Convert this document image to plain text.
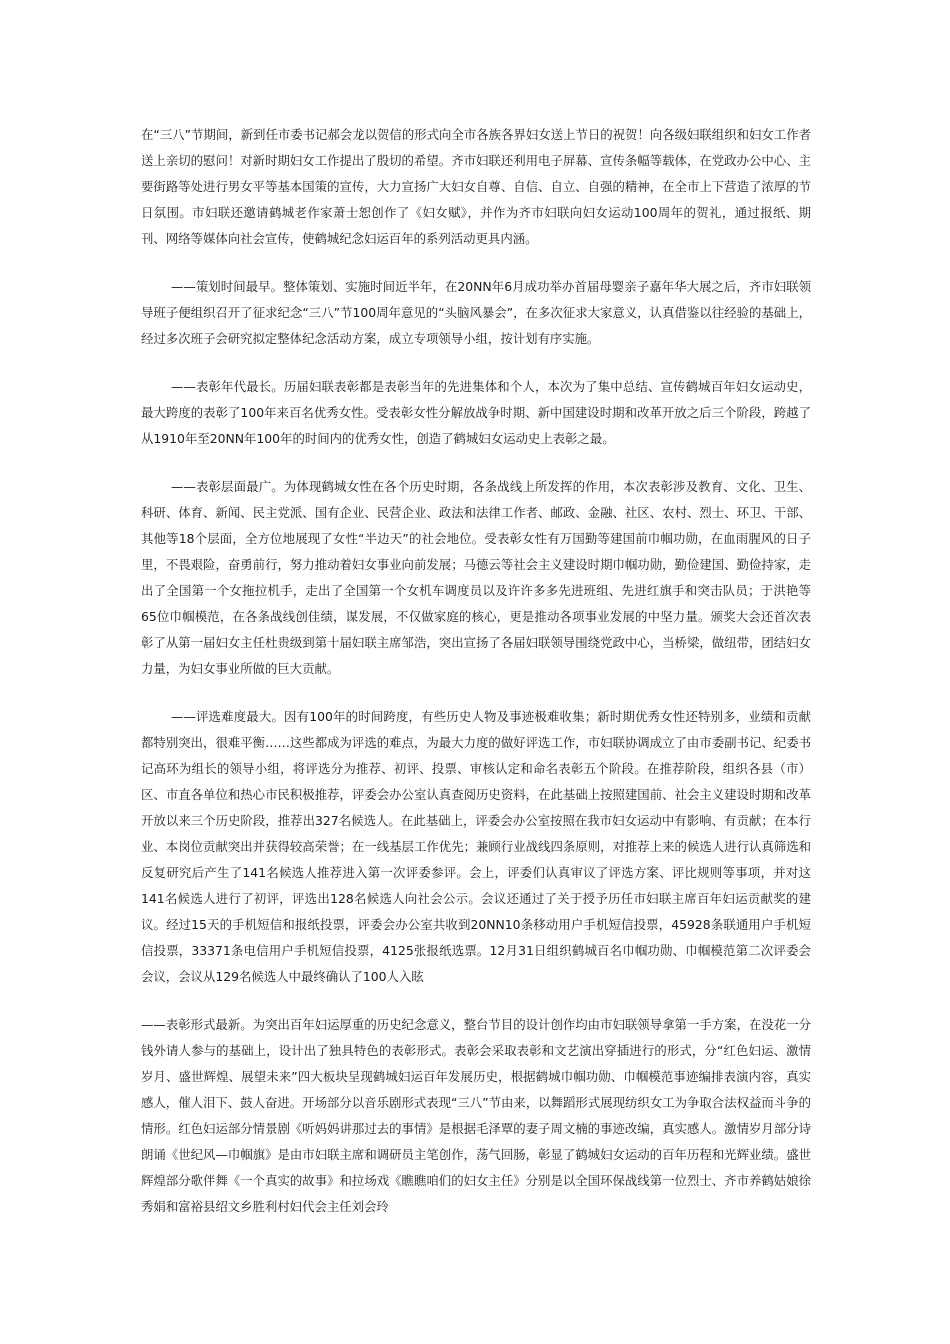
在“三八”节期间，新到任市委书记郝会龙以贺信的形式向全市各族各界妇女送上节日的祝贺！向各级妇联组织和妇女工作者送上亲切的慰问！对新时期妇女工作提出了殷切的希望。齐市妇联还利用电子屏幕、宣传条幅等载体，在党政办公中心、主要街路等处进行男女平等基本国策的宣传，大力宣扬广大妇女自尊、自信、自立、自强的精神，在全市上下营造了浓厚的节日氛围。市妇联还邀请鹤城老作家萧士恕创作了《妇女赋》，并作为齐市妇联向妇女运动100周年的贺礼，通过报纸、期刊、网络等媒体向社会宣传，使鹤城纪念妇运百年的系列活动更具内涵。

——策划时间最早。整体策划、实施时间近半年，在20NN年6月成功举办首届母婴亲子嘉年华大展之后，齐市妇联领导班子便组织召开了征求纪念“三八”节100周年意见的“头脑风暴会”，在多次征求大家意义，认真借鉴以往经验的基础上，经过多次班子会研究拟定整体纪念活动方案，成立专项领导小组，按计划有序实施。

——表彰年代最长。历届妇联表彰都是表彰当年的先进集体和个人，本次为了集中总结、宣传鹤城百年妇女运动史，最大跨度的表彰了100年来百名优秀女性。受表彰女性分解放战争时期、新中国建设时期和改革开放之后三个阶段，跨越了从1910年至20NN年100年的时间内的优秀女性，创造了鹤城妇女运动史上表彰之最。

——表彰层面最广。为体现鹤城女性在各个历史时期，各条战线上所发挥的作用，本次表彰涉及教育、文化、卫生、科研、体育、新闻、民主党派、国有企业、民营企业、政法和法律工作者、邮政、金融、社区、农村、烈士、环卫、干部、其他等18个层面，全方位地展现了女性“半边天”的社会地位。受表彰女性有万国勤等建国前巾帼功勋，在血雨腥风的日子里，不畏艰险，奋勇前行，努力推动着妇女事业向前发展；马德云等社会主义建设时期巾帼功勋，勤俭建国、勤俭持家，走出了全国第一个女拖拉机手，走出了全国第一个女机车调度员以及许许多多先进班组、先进红旗手和突击队员；于洪艳等65位巾帼模范，在各条战线创佳绩，谋发展，不仅做家庭的核心，更是推动各项事业发展的中坚力量。颁奖大会还首次表彰了从第一届妇女主任杜贵级到第十届妇联主席邹浩，突出宣扬了各届妇联领导围绕党政中心，当桥梁，做纽带，团结妇女力量，为妇女事业所做的巨大贡献。

——评选难度最大。因有100年的时间跨度，有些历史人物及事迹极难收集；新时期优秀女性还特别多，业绩和贡献都特别突出，很难平衡……这些都成为评选的难点，为最大力度的做好评选工作，市妇联协调成立了由市委副书记、纪委书记高环为组长的领导小组，将评选分为推荐、初评、投票、审核认定和命名表彰五个阶段。在推荐阶段，组织各县（市）区、市直各单位和热心市民积极推荐，评委会办公室认真查阅历史资料，在此基础上按照建国前、社会主义建设时期和改革开放以来三个历史阶段，推荐出327名候选人。在此基础上，评委会办公室按照在我市妇女运动中有影响、有贡献；在本行业、本岗位贡献突出并获得较高荣誉；在一线基层工作优先；兼顾行业战线四条原则，对推荐上来的候选人进行认真筛选和反复研究后产生了141名候选人推荐进入第一次评委参评。会上，评委们认真审议了评选方案、评比规则等事项，并对这141名候选人进行了初评，评选出128名候选人向社会公示。会议还通过了关于授予历任市妇联主席百年妇运贡献奖的建议。经过15天的手机短信和报纸投票，评委会办公室共收到20NN10条移动用户手机短信投票，45928条联通用户手机短信投票，33371条电信用户手机短信投票，4125张报纸选票。12月31日组织鹤城百名巾帼功勋、巾帼模范第二次评委会会议，会议从129名候选人中最终确认了100人入眩

——表彰形式最新。为突出百年妇运厚重的历史纪念意义，整台节目的设计创作均由市妇联领导拿第一手方案，在没花一分钱外请人参与的基础上，设计出了独具特色的表彰形式。表彰会采取表彰和文艺演出穿插进行的形式，分“红色妇运、激情岁月、盛世辉煌、展望未来”四大板块呈现鹤城妇运百年发展历史，根据鹤城巾帼功勋、巾帼模范事迹编排表演内容，真实感人，催人泪下、鼓人奋进。开场部分以音乐剧形式表现“三八”节由来，以舞蹈形式展现纺织女工为争取合法权益而斗争的情形。红色妇运部分情景剧《听妈妈讲那过去的事情》是根据毛泽覃的妻子周文楠的事迹改编，真实感人。激情岁月部分诗朗诵《世纪风—巾帼旗》是由市妇联主席和调研员主笔创作，荡气回肠，彰显了鹤城妇女运动的百年历程和光辉业绩。盛世辉煌部分歌伴舞《一个真实的故事》和拉场戏《瞧瞧咱们的妇女主任》分别是以全国环保战线第一位烈士、齐市养鹤姑娘徐秀娟和富裕县绍文乡胜利村妇代会主任刘会玲
